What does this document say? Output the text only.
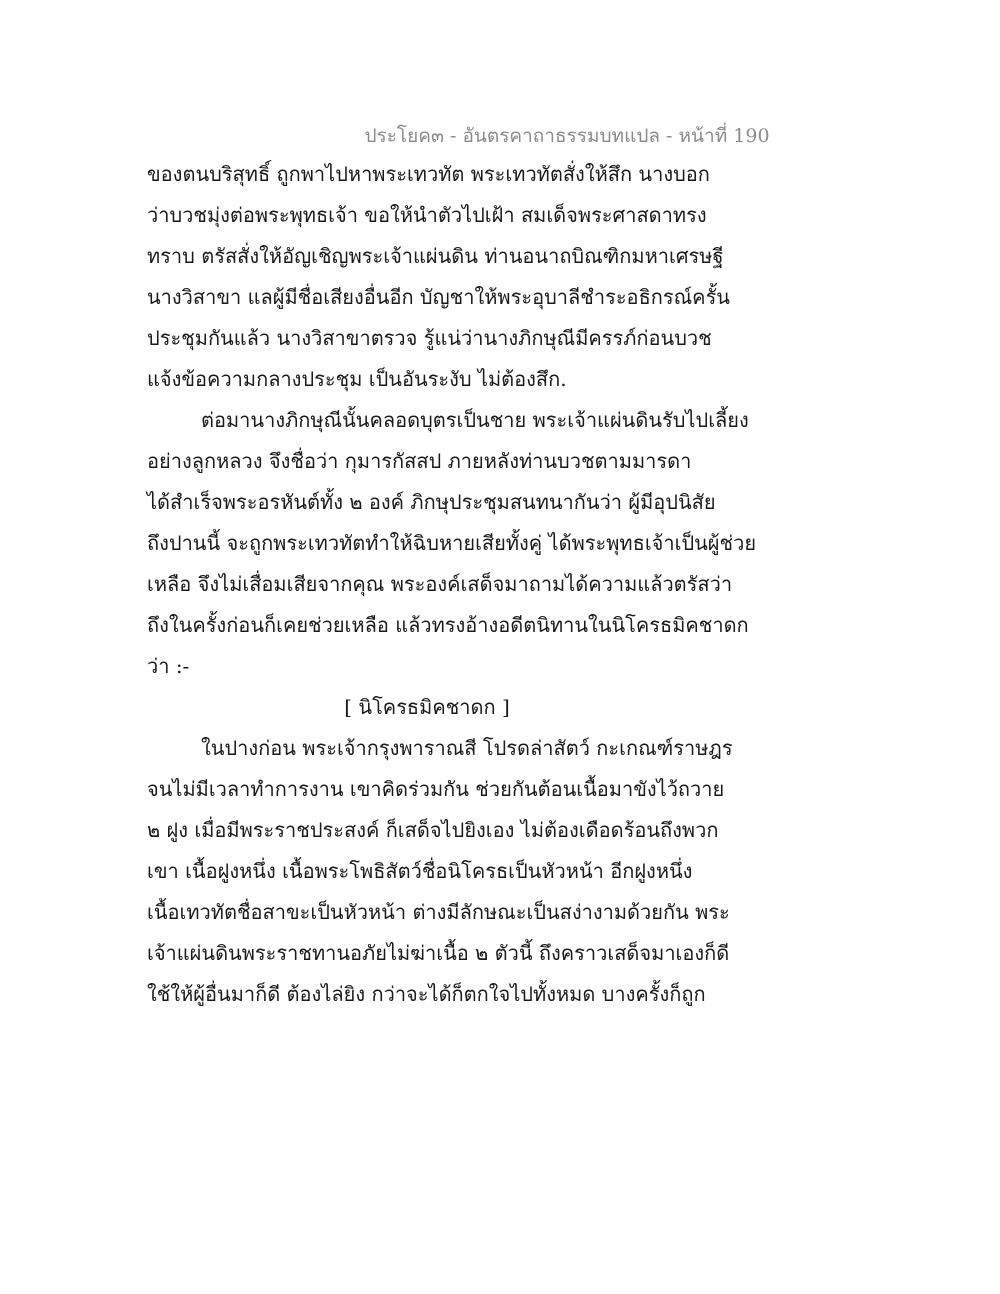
ประโยค๓ - อันตรคาถาธรรมบทแปล - หน้าที่ 190
ของตนบริสุทธิ์ ถูกพาไปหาพระเทวทัต พระเทวทัตสั่งให้สึก นางบอก
ว่าบวชมุ่งต่อพระพุทธเจ้า ขอให้นำตัวไปเฝ้า สมเด็จพระศาสดาทรง
ทราบ ตรัสสั่งให้อัญเชิญพระเจ้าแผ่นดิน ท่านอนาถบิณฑิกมหาเศรษฐี
นางวิสาขา แลผู้มีชื่อเสียงอื่นอีก บัญชาให้พระอุบาลีชำระอธิกรณ์ครั้น
ประชุมกันแล้ว นางวิสาขาตรวจ รู้แน่ว่านางภิกษุณีมีครรภ์ก่อนบวช
แจ้งข้อความกลางประชุม เป็นอันระงับ ไม่ต้องสึก.
ต่อมานางภิกษุณีนั้นคลอดบุตรเป็นชาย พระเจ้าแผ่นดินรับไปเลี้ยง
อย่างลูกหลวง จึงชื่อว่า กุมารกัสสป ภายหลังท่านบวชตามมารดา
ได้สำเร็จพระอรหันต์ทั้ง ๒ องค์ ภิกษุประชุมสนทนากันว่า ผู้มีอุปนิสัย
ถึงปานนี้ จะถูกพระเทวทัตทำให้ฉิบหายเสียทั้งคู่ ได้พระพุทธเจ้าเป็นผู้ช่วย
เหลือ จึงไม่เสื่อมเสียจากคุณ พระองค์เสด็จมาถามได้ความแล้วตรัสว่า
ถึงในครั้งก่อนก็เคยช่วยเหลือ แล้วทรงอ้างอดีตนิทานในนิโครธมิคชาดก
ว่า :-
[ นิโครธมิคชาดก ]
ในปางก่อน พระเจ้ากรุงพาราณสี โปรดล่าสัตว์ กะเกณฑ์ราษฎร
จนไม่มีเวลาทำการงาน เขาคิดร่วมกัน ช่วยกันต้อนเนื้อมาขังไว้ถวาย
๒ ฝูง เมื่อมีพระราชประสงค์ ก็เสด็จไปยิงเอง ไม่ต้องเดือดร้อนถึงพวก
เขา เนื้อฝูงหนึ่ง เนื้อพระโพธิสัตว์ชื่อนิโครธเป็นหัวหน้า อีกฝูงหนึ่ง
เนื้อเทวทัตชื่อสาขะเป็นหัวหน้า ต่างมีลักษณะเป็นสง่างามด้วยกัน พระ
เจ้าแผ่นดินพระราชทานอภัยไม่ฆ่าเนื้อ ๒ ตัวนี้ ถึงคราวเสด็จมาเองก็ดี
ใช้ให้ผู้อื่นมาก็ดี ต้องไล่ยิง กว่าจะได้ก็ตกใจไปทั้งหมด บางครั้งก็ถูก
